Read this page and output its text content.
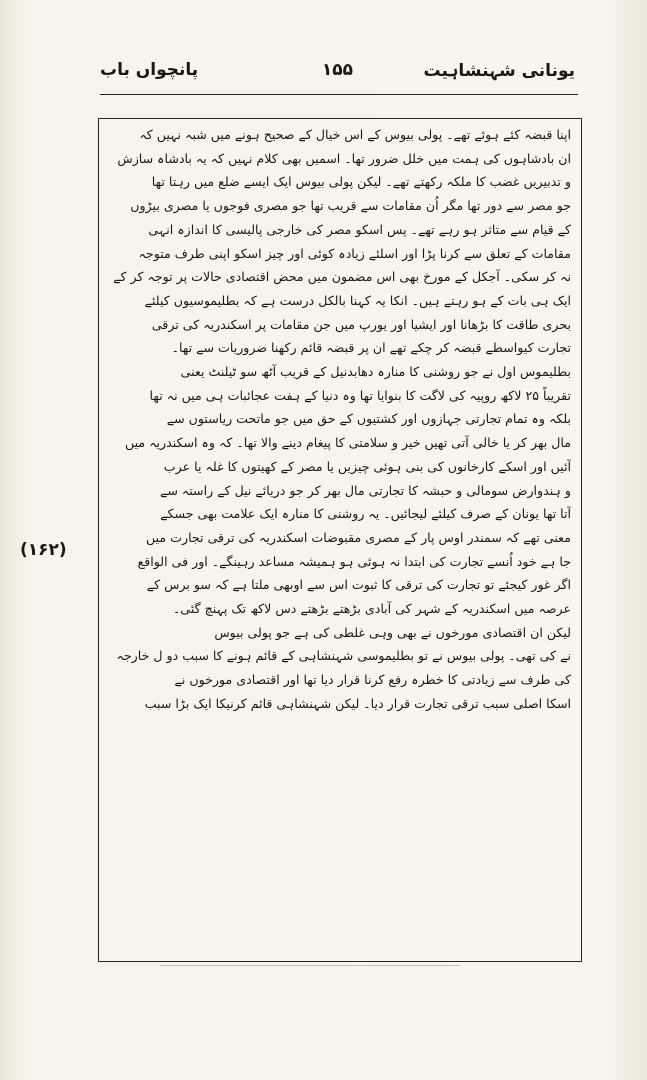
یونانی شہنشاہیت
۱۵۵
پانچواں باب
اپنا قبضہ کئے ہوئے تھے۔ پولی بیوس کے اس خیال کے صحیح ہونے میں شبہ نہیں کہ
ان بادشاہوں کی ہمت میں خلل ضرور تھا۔ اسمیں بھی کلام نہیں کہ یہ بادشاہ سازش
و تدبیریں غضب کا ملکہ رکھتے تھے۔ لیکن پولی بیوس ایک ایسے ضلع میں رہتا تھا
جو مصر سے دور تھا مگر اُن مقامات سے قریب تھا جو مصری فوجوں یا مصری بیڑوں
کے قیام سے متاثر ہو رہے تھے۔ پس اسکو مصر کی خارجی پالیسی کا اندازہ انہی
مقامات کے تعلق سے کرنا پڑا اور اسلئے زیادہ کوئی اور چیز اسکو اپنی طرف متوجہ
نہ کر سکی۔ آجکل کے مورخ بھی اس مضمون میں محض اقتصادی حالات پر توجہ کر کے
ایک ہی بات کے ہو رہتے ہیں۔ انکا یہ کہنا بالکل درست ہے کہ بطلیموسیوں کیلئے
بحری طاقت کا بڑھانا اور ایشیا اور یورپ میں جن مقامات پر اسکندریہ کی ترقی
تجارت کیواسطے قبضہ کر چکے تھے ان پر قبضہ قائم رکھنا ضروریات سے تھا۔
بطلیموس اول نے جو روشنی کا منارہ دھابدنیل کے قریب آٹھ سو ٹیلنٹ یعنی
تقریباً ۲۵ لاکھ روپیہ کی لاگت کا بنوایا تھا وہ دنیا کے ہفت عجائبات ہی میں نہ تھا
بلکہ وہ تمام تجارتی جہازوں اور کشتیوں کے حق میں جو ماتحت ریاستوں سے
مال بھر کر یا خالی آتی تھیں خیر و سلامتی کا پیغام دینے والا تھا۔ کہ وہ اسکندریہ میں
آئیں اور اسکے کارخانوں کی بنی ہوئی چیزیں یا مصر کے کھیتوں کا غلہ یا عرب
و ہندوارض سومالی و حبشہ کا تجارتی مال بھر کر جو دریائے نیل کے راستہ سے
آتا تھا یونان کے صرف کیلئے لیجائیں۔ یہ روشنی کا منارہ ایک علامت بھی جسکے
معنی تھے کہ سمندر اوس پار کے مصری مقبوضات اسکندریہ کی ترقی تجارت میں
جا ہے خود اُنسے تجارت کی ابتدا نہ ہوئی ہو ہمیشہ مساعد رہینگے۔ اور فی الواقع
اگر غور کیجئے تو تجارت کی ترقی کا ثبوت اس سے اوبھی ملتا ہے کہ سو برس کے
عرصہ میں اسکندریہ کے شہر کی آبادی بڑھتے بڑھتے دس لاکھ تک پہنچ گئی۔
لیکن ان اقتصادی مورخوں نے بھی وہی غلطی کی ہے جو پولی بیوس
نے کی تھی۔ پولی بیوس نے تو بطلیموسی شہنشاہی کے قائم ہونے کا سبب دو ل خارجہ
کی طرف سے زیادتی کا خطرہ رفع کرنا قرار دیا تھا اور اقتصادی مورخوں نے
اسکا اصلی سبب ترقی تجارت قرار دیا۔ لیکن شہنشاہی قائم کرنیکا ایک بڑا سبب
(۱۶۲)
